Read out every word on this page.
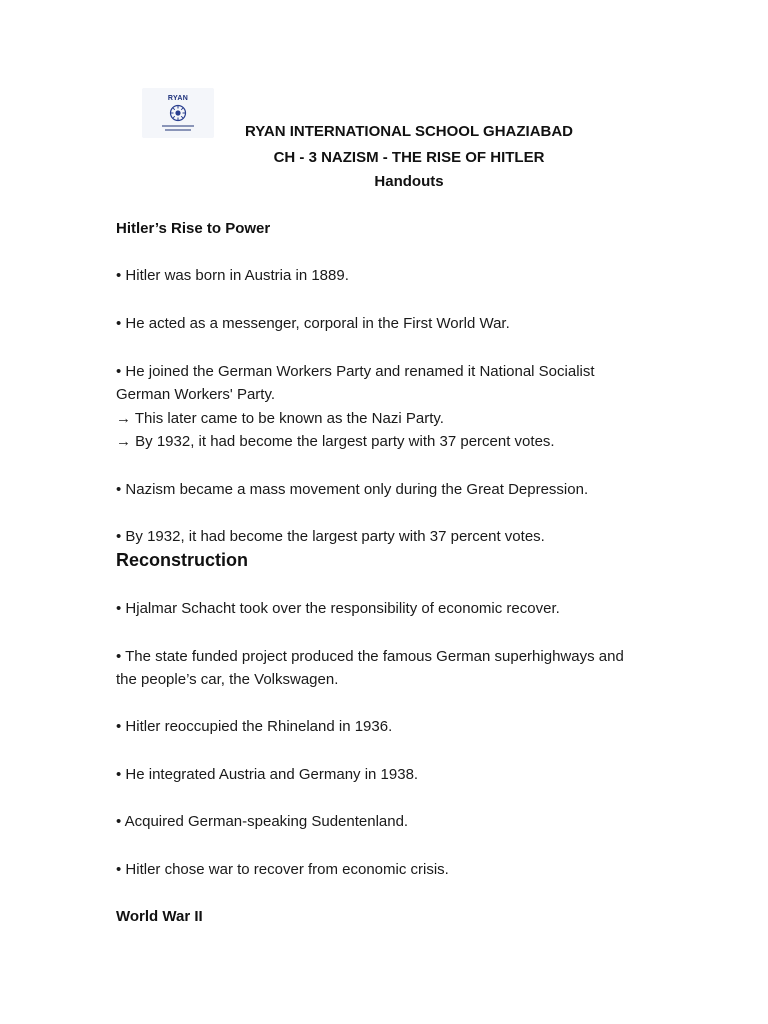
RYAN
RYAN INTERNATIONAL SCHOOL GHAZIABAD
CH - 3 NAZISM - THE RISE OF HITLER
Handouts
Hitler’s Rise to Power
• Hitler was born in Austria in 1889.
• He acted as a messenger, corporal in the First World War.
• He joined the German Workers Party and renamed it National Socialist
German Workers' Party.
→ This later came to be known as the Nazi Party.
→ By 1932, it had become the largest party with 37 percent votes.
• Nazism became a mass movement only during the Great Depression.
• By 1932, it had become the largest party with 37 percent votes.
Reconstruction
• Hjalmar Schacht took over the responsibility of economic recover.
• The state funded project produced the famous German superhighways and
the people’s car, the Volkswagen.
• Hitler reoccupied the Rhineland in 1936.
• He integrated Austria and Germany in 1938.
• Acquired German-speaking Sudentenland.
• Hitler chose war to recover from economic crisis.
World War II
